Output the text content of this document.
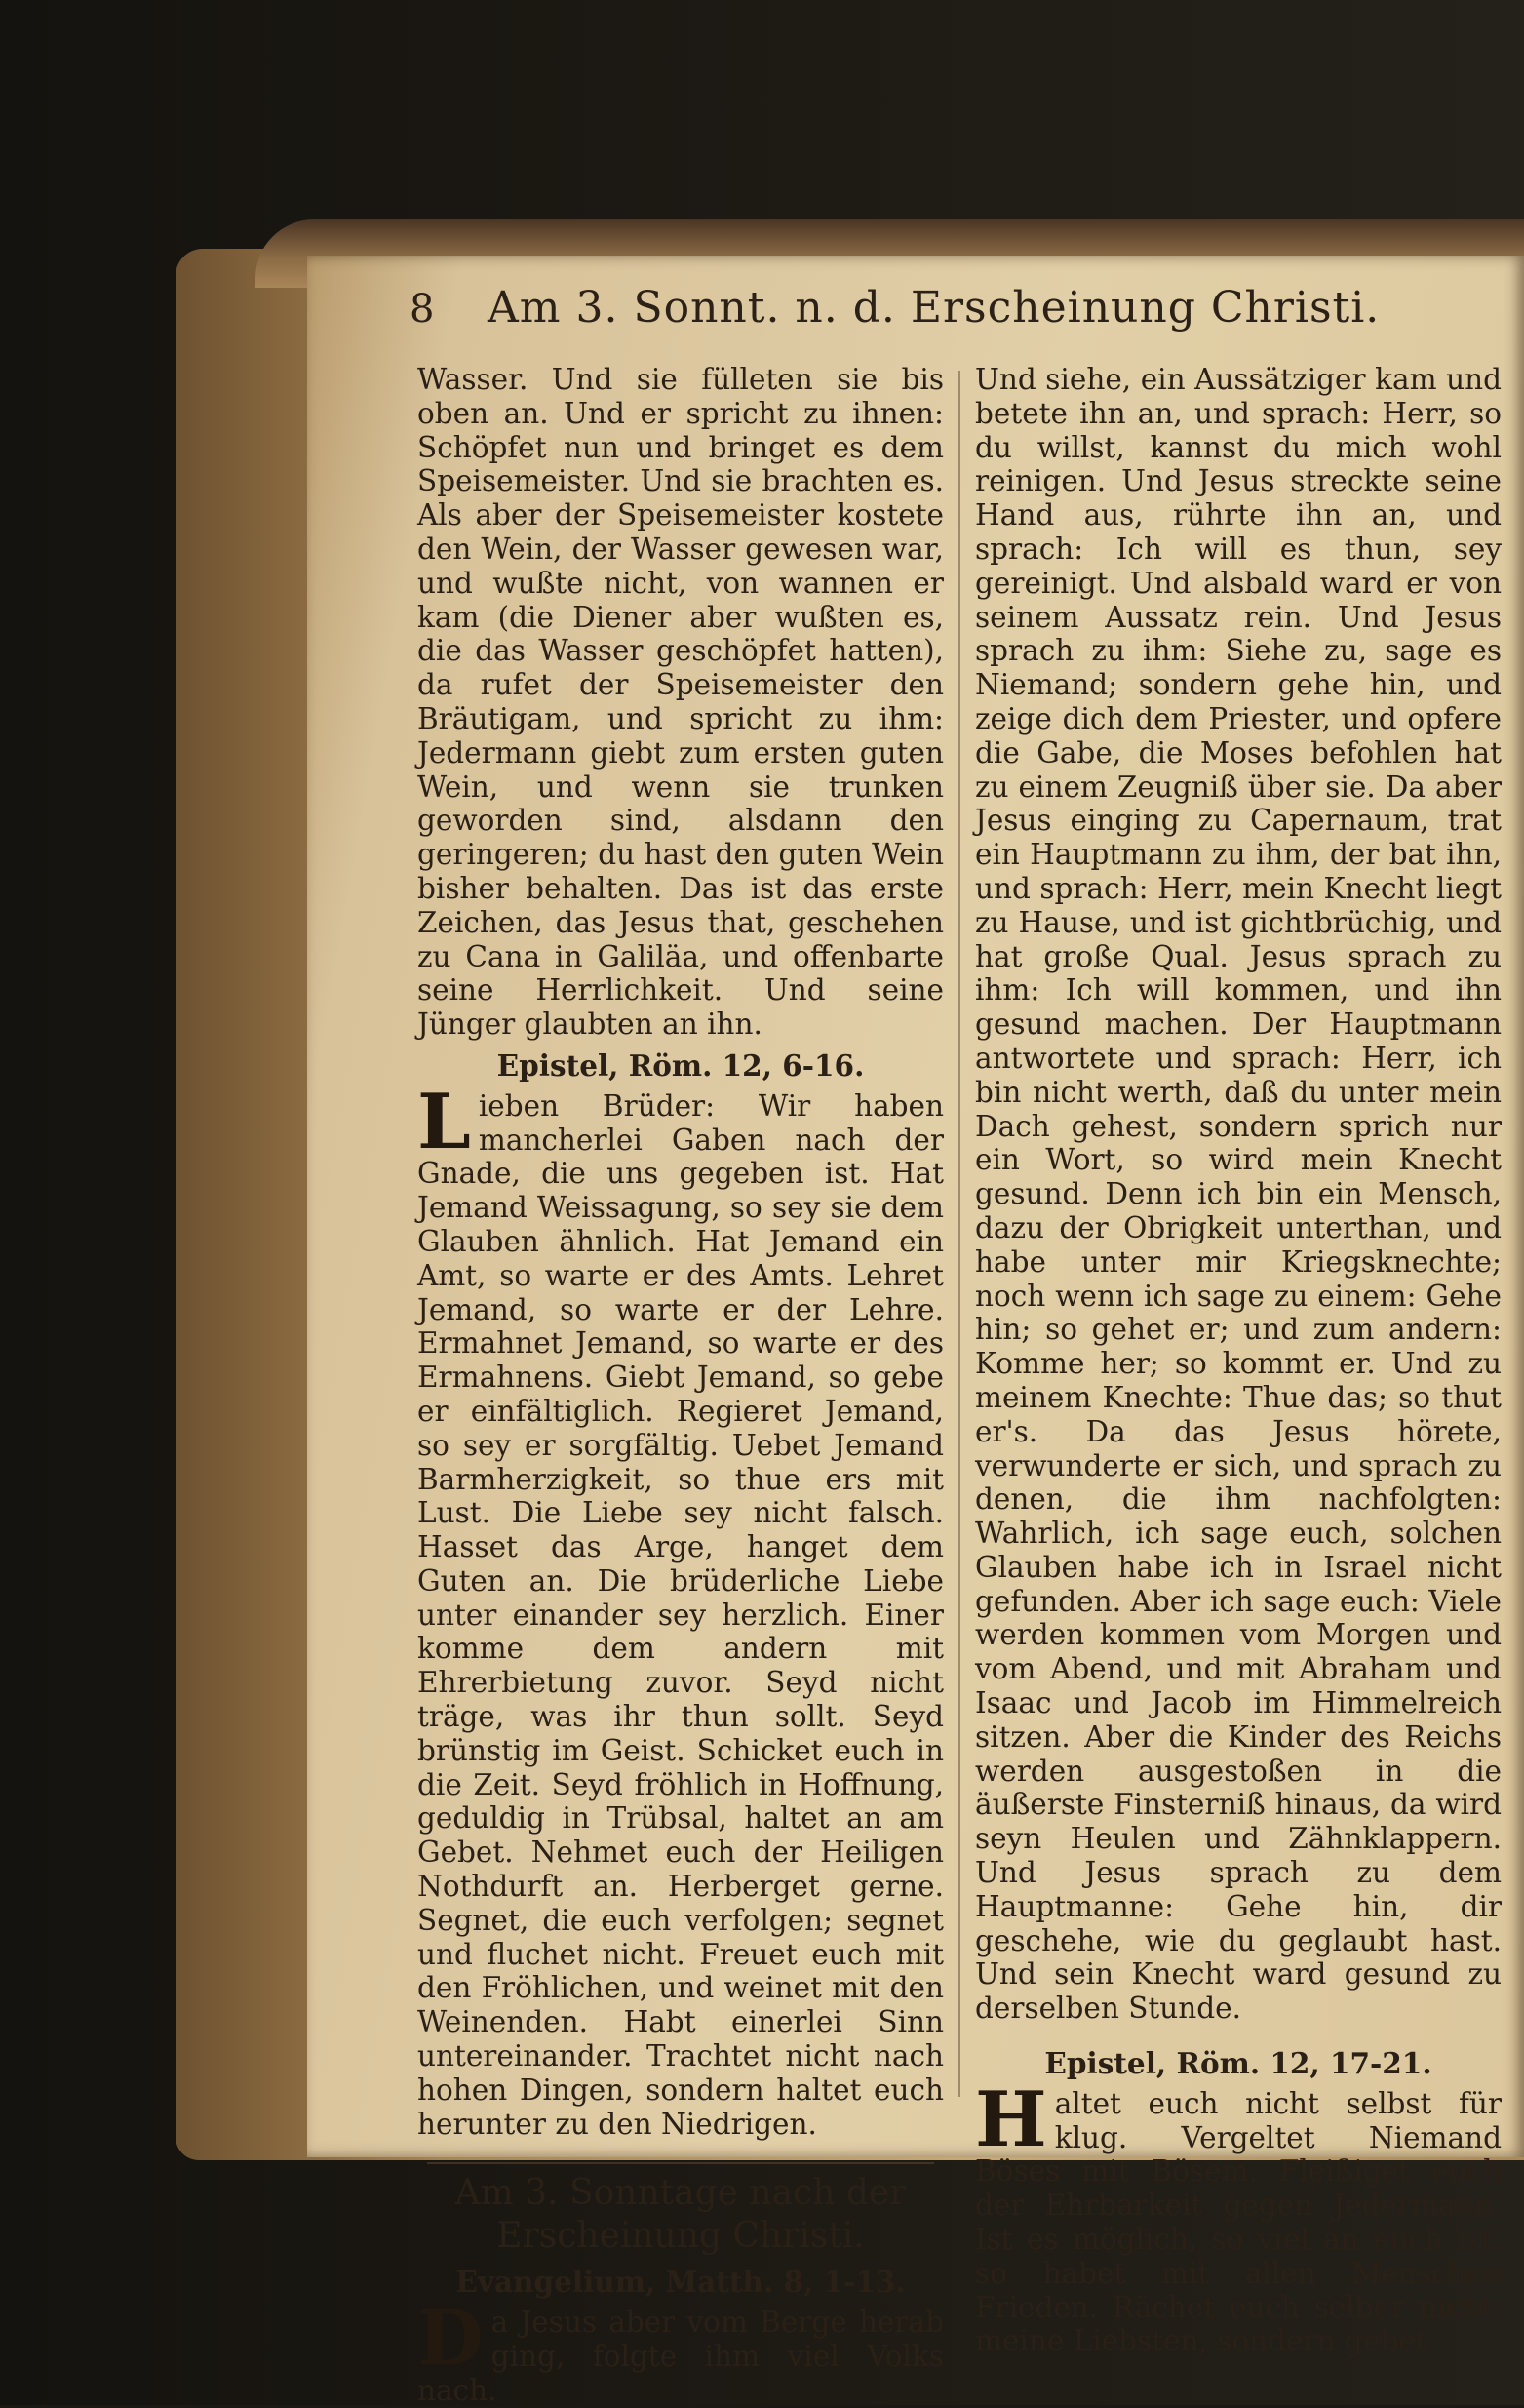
8	Am 3. Sonnt. n. d. Erscheinung Christi.

Wasser. Und sie fülleten sie bis oben an. Und er spricht zu ihnen: Schöpfet nun und bringet es dem Speisemeister. Und sie brachten es. Als aber der Speisemeister kostete den Wein, der Wasser gewesen war, und wußte nicht, von wannen er kam (die Diener aber wußten es, die das Wasser geschöpfet hatten), da rufet der Speisemeister den Bräutigam, und spricht zu ihm: Jedermann giebt zum ersten guten Wein, und wenn sie trunken geworden sind, alsdann den geringeren; du hast den guten Wein bisher behalten. Das ist das erste Zeichen, das Jesus that, geschehen zu Cana in Galiläa, und offenbarte seine Herrlichkeit. Und seine Jünger glaubten an ihn.

Epistel, Röm. 12, 6-16.

Lieben Brüder: Wir haben mancherlei Gaben nach der Gnade, die uns gegeben ist. Hat Jemand Weissagung, so sey sie dem Glauben ähnlich. Hat Jemand ein Amt, so warte er des Amts. Lehret Jemand, so warte er der Lehre. Ermahnet Jemand, so warte er des Ermahnens. Giebt Jemand, so gebe er einfältiglich. Regieret Jemand, so sey er sorgfältig. Uebet Jemand Barmherzigkeit, so thue ers mit Lust. Die Liebe sey nicht falsch. Hasset das Arge, hanget dem Guten an. Die brüderliche Liebe unter einander sey herzlich. Einer komme dem andern mit Ehrerbietung zuvor. Seyd nicht träge, was ihr thun sollt. Seyd brünstig im Geist. Schicket euch in die Zeit. Seyd fröhlich in Hoffnung, geduldig in Trübsal, haltet an am Gebet. Nehmet euch der Heiligen Nothdurft an. Herberget gerne. Segnet, die euch verfolgen; segnet und fluchet nicht. Freuet euch mit den Fröhlichen, und weinet mit den Weinenden. Habt einerlei Sinn untereinander. Trachtet nicht nach hohen Dingen, sondern haltet euch herunter zu den Niedrigen.

Am 3. Sonntage nach der

Erscheinung Christi.

Evangelium, Matth. 8, 1-13.

Da Jesus aber vom Berge herab ging, folgte ihm viel Volks nach.

Und siehe, ein Aussätziger kam und betete ihn an, und sprach: Herr, so du willst, kannst du mich wohl reinigen. Und Jesus streckte seine Hand aus, rührte ihn an, und sprach: Ich will es thun, sey gereinigt. Und alsbald ward er von seinem Aussatz rein. Und Jesus sprach zu ihm: Siehe zu, sage es Niemand; sondern gehe hin, und zeige dich dem Priester, und opfere die Gabe, die Moses befohlen hat zu einem Zeugniß über sie. Da aber Jesus einging zu Capernaum, trat ein Hauptmann zu ihm, der bat ihn, und sprach: Herr, mein Knecht liegt zu Hause, und ist gichtbrüchig, und hat große Qual. Jesus sprach zu ihm: Ich will kommen, und ihn gesund machen. Der Hauptmann antwortete und sprach: Herr, ich bin nicht werth, daß du unter mein Dach gehest, sondern sprich nur ein Wort, so wird mein Knecht gesund. Denn ich bin ein Mensch, dazu der Obrigkeit unterthan, und habe unter mir Kriegsknechte; noch wenn ich sage zu einem: Gehe hin; so gehet er; und zum andern: Komme her; so kommt er. Und zu meinem Knechte: Thue das; so thut er's. Da das Jesus hörete, verwunderte er sich, und sprach zu denen, die ihm nachfolgten: Wahrlich, ich sage euch, solchen Glauben habe ich in Israel nicht gefunden. Aber ich sage euch: Viele werden kommen vom Morgen und vom Abend, und mit Abraham und Isaac und Jacob im Himmelreich sitzen. Aber die Kinder des Reichs werden ausgestoßen in die äußerste Finsterniß hinaus, da wird seyn Heulen und Zähnklappern. Und Jesus sprach zu dem Hauptmanne: Gehe hin, dir geschehe, wie du geglaubt hast. Und sein Knecht ward gesund zu derselben Stunde.

Epistel, Röm. 12, 17-21.

Haltet euch nicht selbst für klug. Vergeltet Niemand Böses mit Bösem. Fleißiget euch der Ehrbarkeit gegen Jedermann. Ist es möglich, so viel an euch ist, so habet mit allen Menschen Frieden. Rächet euch selber nicht, meine Liebsten, sondern gebet
